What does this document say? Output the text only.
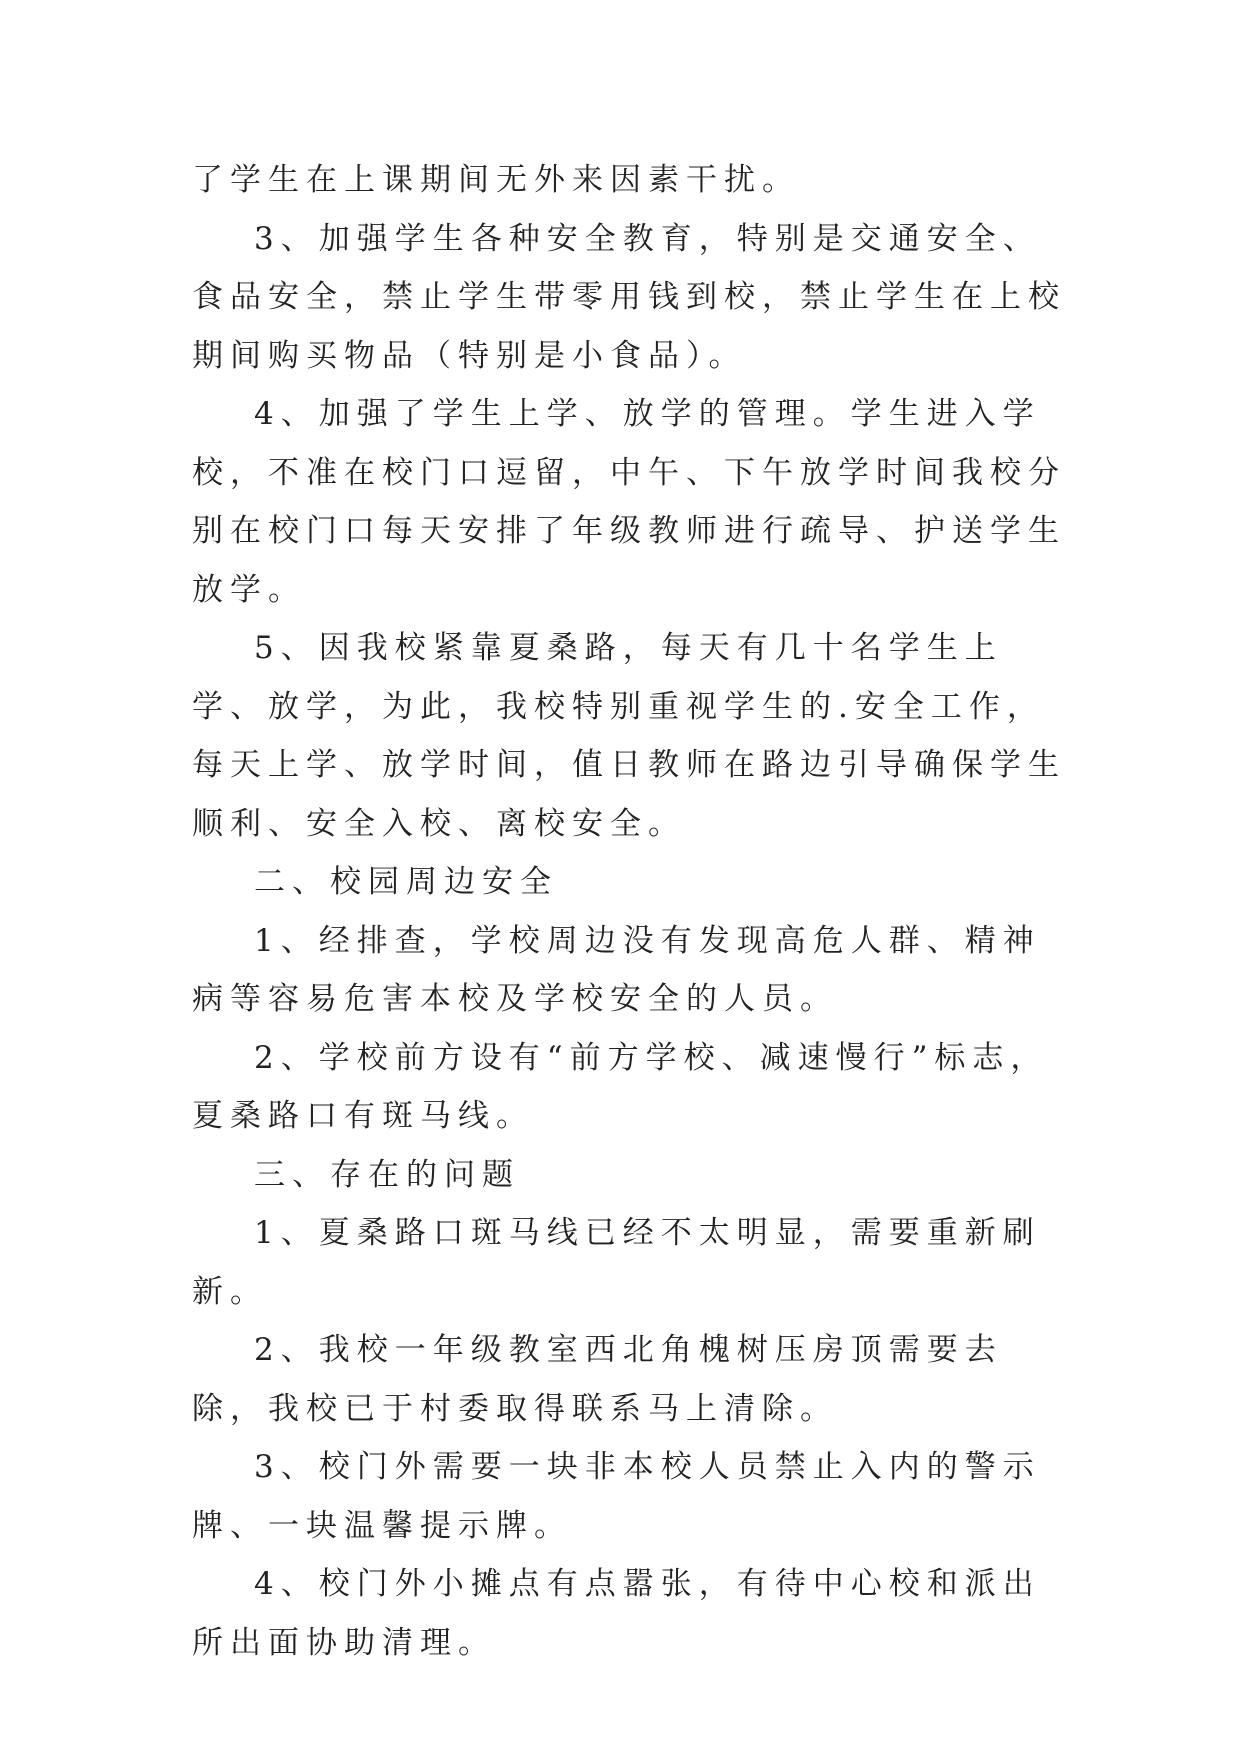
了学生在上课期间无外来因素干扰。

3、加强学生各种安全教育，特别是交通安全、食品安全，禁止学生带零用钱到校，禁止学生在上校期间购买物品（特别是小食品）。

4、加强了学生上学、放学的管理。学生进入学校，不准在校门口逗留，中午、下午放学时间我校分别在校门口每天安排了年级教师进行疏导、护送学生放学。

5、因我校紧靠夏桑路，每天有几十名学生上学、放学，为此，我校特别重视学生的.安全工作，每天上学、放学时间，值日教师在路边引导确保学生顺利、安全入校、离校安全。

二、校园周边安全

1、经排查，学校周边没有发现高危人群、精神病等容易危害本校及学校安全的人员。

2、学校前方设有“前方学校、减速慢行”标志，夏桑路口有斑马线。

三、存在的问题

1、夏桑路口斑马线已经不太明显，需要重新刷新。

2、我校一年级教室西北角槐树压房顶需要去除，我校已于村委取得联系马上清除。

3、校门外需要一块非本校人员禁止入内的警示牌、一块温馨提示牌。

4、校门外小摊点有点嚣张，有待中心校和派出所出面协助清理。
